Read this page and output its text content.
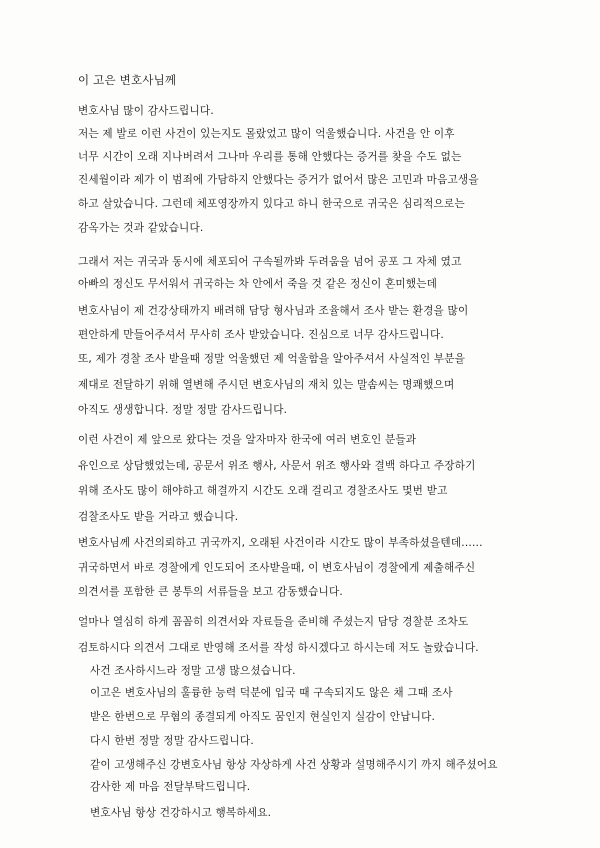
이 고은 변호사님께
변호사님 많이 감사드립니다.
저는 제 발로 이런 사건이 있는지도 몰랐었고 많이 억울했습니다. 사건을 안 이후
너무 시간이 오래 지나버려서 그나마 우리를 통해 안했다는 증거를 찾을 수도 없는
진세월이라 제가 이 범죄에 가담하지 안했다는 증거가 없어서 많은 고민과 마음고생을
하고 살았습니다. 그런데 체포영장까지 있다고 하니 한국으로 귀국은 심리적으로는
감옥가는 것과 같았습니다.
그래서 저는 귀국과 동시에 체포되어 구속될까봐 두려움을 넘어 공포 그 자체 였고
아빠의 정신도 무서워서 귀국하는 차 안에서 죽을 것 같은 정신이 혼미했는데
변호사님이 제 건강상태까지 배려해 담당 형사님과 조율해서 조사 받는 환경을 많이
편안하게 만들어주셔서 무사히 조사 받았습니다. 진심으로 너무 감사드립니다.
또, 제가 경찰 조사 받을때 정말 억울했던 제 억울함을 알아주셔서 사실적인 부분을
제대로 전달하기 위해 열변해 주시던 변호사님의 재치 있는 말솜씨는 명쾌했으며
아직도 생생합니다. 정말 정말 감사드립니다.
이런 사건이 제 앞으로 왔다는 것을 알자마자 한국에 여러 변호인 분들과
유인으로 상담했었는데, 공문서 위조 행사, 사문서 위조 행사와 결백 하다고 주장하기
위해 조사도 많이 해야하고 해결까지 시간도 오래 걸리고 경찰조사도 몇번 받고
검찰조사도 받을 거라고 했습니다.
변호사님께 사건의뢰하고 귀국까지, 오래된 사건이라 시간도 많이 부족하셨을텐데......
귀국하면서 바로 경찰에게 인도되어 조사받을때, 이 변호사님이 경찰에게 제출해주신
의견서를 포함한 큰 봉투의 서류들을 보고 감동했습니다.
얼마나 열심히 하게 꼼꼼히 의견서와 자료들을 준비해 주셨는지 담당 경찰분 조차도
검토하시다 의견서 그대로 반영해 조서를 작성 하시겠다고 하시는데 저도 놀랐습니다.
사건 조사하시느라 정말 고생 많으셨습니다.
이고은 변호사님의 훌륭한 능력 덕분에 입국 때 구속되지도 않은 채 그때 조사
받은 한번으로 무혐의 종결되게 아직도 꿈인지 현실인지 실감이 안납니다.
다시 한번 정말 정말 감사드립니다.
같이 고생해주신 강변호사님 항상 자상하게 사건 상황과 설명해주시기 까지 해주셨어요
감사한 제 마음 전달부탁드립니다.
변호사님 항상 건강하시고 행복하세요.
